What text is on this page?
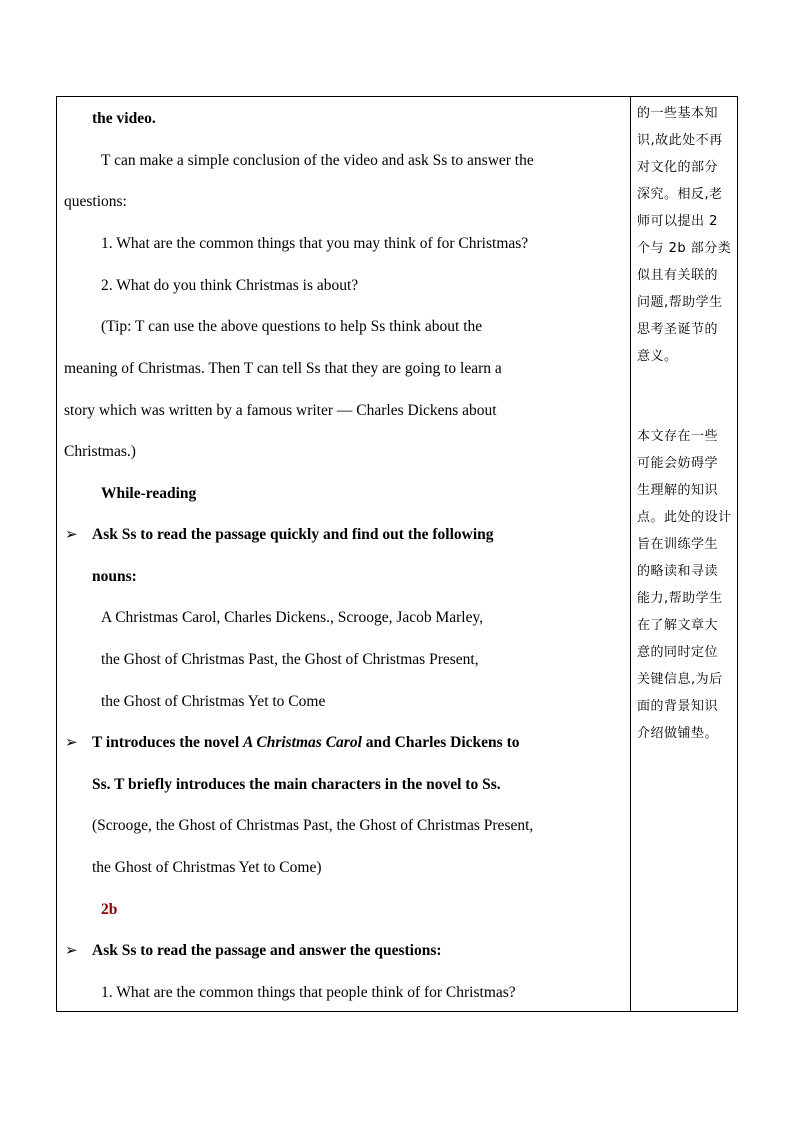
the video.
T can make a simple conclusion of the video and ask Ss to answer the
questions:
1. What are the common things that you may think of for Christmas?
2. What do you think Christmas is about?
(Tip: T can use the above questions to help Ss think about the
meaning of Christmas. Then T can tell Ss that they are going to learn a
story which was written by a famous writer — Charles Dickens about
Christmas.)
While-reading
➢ Ask Ss to read the passage quickly and find out the following
nouns:
A Christmas Carol, Charles Dickens., Scrooge, Jacob Marley,
the Ghost of Christmas Past, the Ghost of Christmas Present,
the Ghost of Christmas Yet to Come
➢ T introduces the novel A Christmas Carol and Charles Dickens to
Ss. T briefly introduces the main characters in the novel to Ss.
(Scrooge, the Ghost of Christmas Past, the Ghost of Christmas Present,
the Ghost of Christmas Yet to Come)
2b
➢ Ask Ss to read the passage and answer the questions:
1. What are the common things that people think of for Christmas?
的一些基本知
识,故此处不再
对文化的部分
深究。相反,老
师可以提出 2
个与 2b 部分类
似且有关联的
问题,帮助学生
思考圣诞节的
意义。
本文存在一些
可能会妨碍学
生理解的知识
点。此处的设计
旨在训练学生
的略读和寻读
能力,帮助学生
在了解文章大
意的同时定位
关键信息,为后
面的背景知识
介绍做铺垫。
